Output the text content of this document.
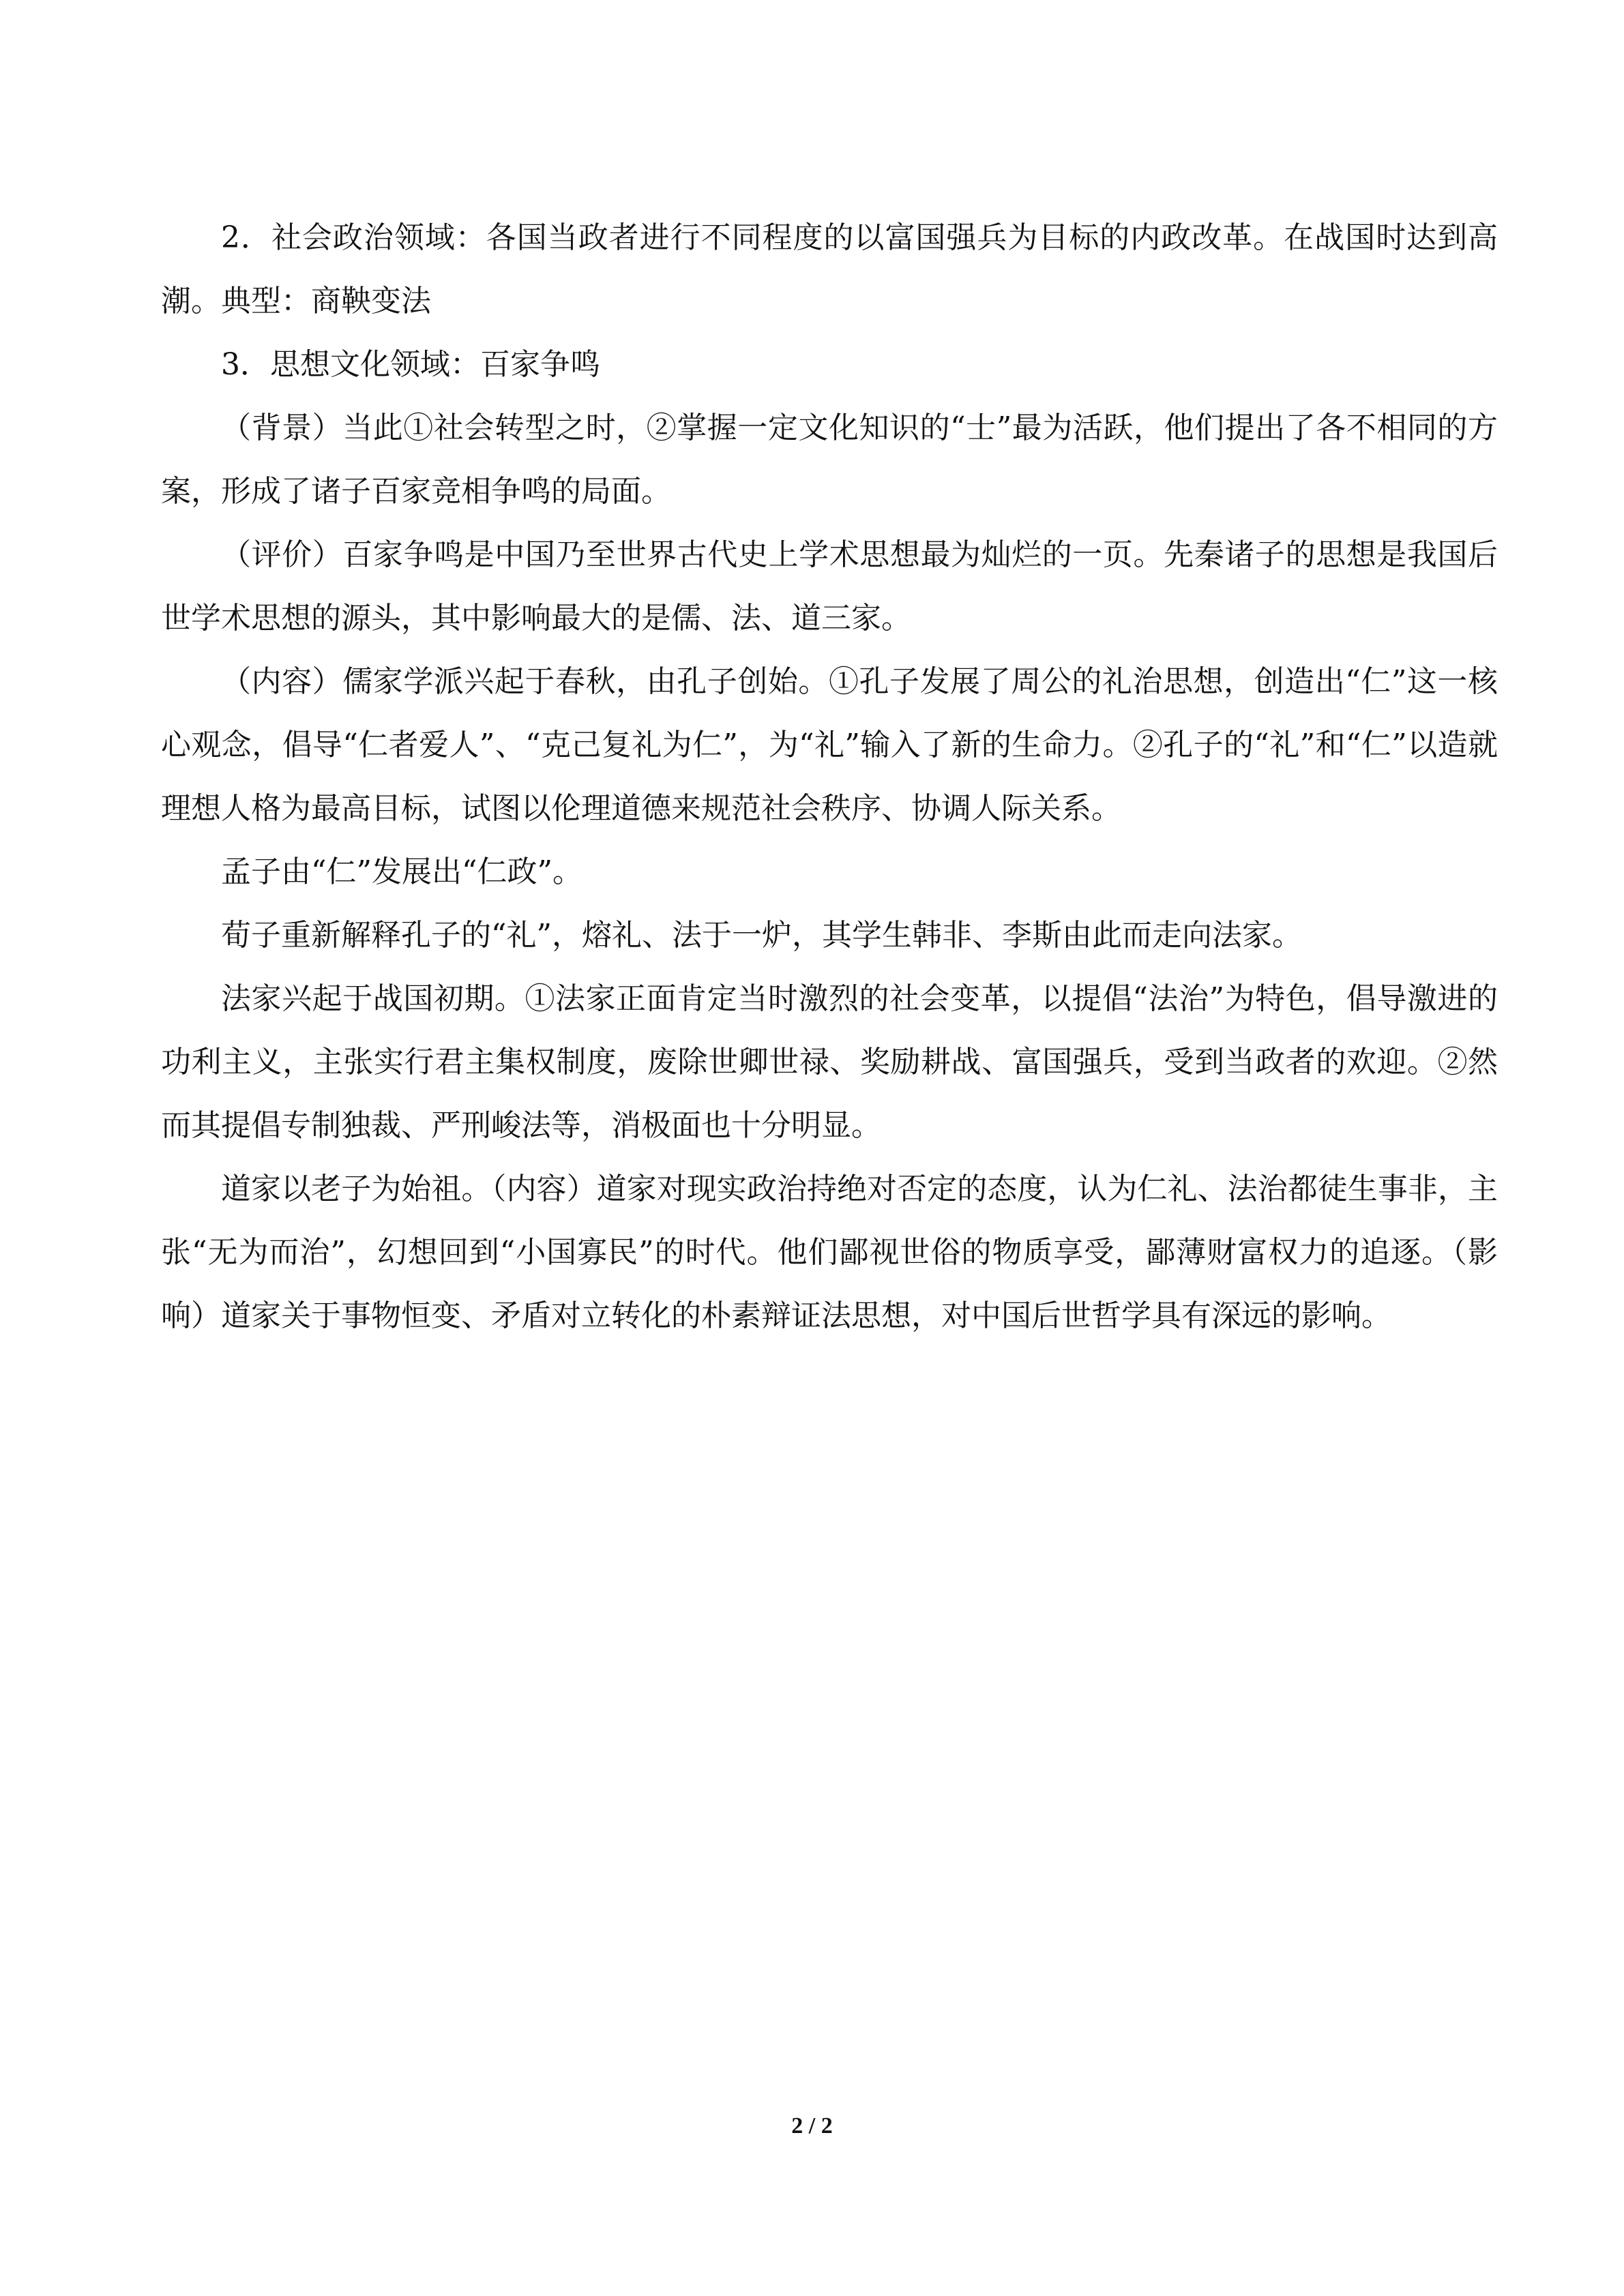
2．社会政治领域：各国当政者进行不同程度的以富国强兵为目标的内政改革。在战国时达到高潮。典型：商鞅变法

3．思想文化领域：百家争鸣

（背景）当此①社会转型之时，②掌握一定文化知识的“士”最为活跃，他们提出了各不相同的方案，形成了诸子百家竞相争鸣的局面。

（评价）百家争鸣是中国乃至世界古代史上学术思想最为灿烂的一页。先秦诸子的思想是我国后世学术思想的源头，其中影响最大的是儒、法、道三家。

（内容）儒家学派兴起于春秋，由孔子创始。①孔子发展了周公的礼治思想，创造出“仁”这一核心观念，倡导“仁者爱人”、“克己复礼为仁”，为“礼”输入了新的生命力。②孔子的“礼”和“仁”以造就理想人格为最高目标，试图以伦理道德来规范社会秩序、协调人际关系。

孟子由“仁”发展出“仁政”。

荀子重新解释孔子的“礼”，熔礼、法于一炉，其学生韩非、李斯由此而走向法家。

法家兴起于战国初期。①法家正面肯定当时激烈的社会变革，以提倡“法治”为特色，倡导激进的功利主义，主张实行君主集权制度，废除世卿世禄、奖励耕战、富国强兵，受到当政者的欢迎。②然而其提倡专制独裁、严刑峻法等，消极面也十分明显。

道家以老子为始祖。（内容）道家对现实政治持绝对否定的态度，认为仁礼、法治都徒生事非，主张“无为而治”，幻想回到“小国寡民”的时代。他们鄙视世俗的物质享受，鄙薄财富权力的追逐。（影响）道家关于事物恒变、矛盾对立转化的朴素辩证法思想，对中国后世哲学具有深远的影响。

2 / 2
